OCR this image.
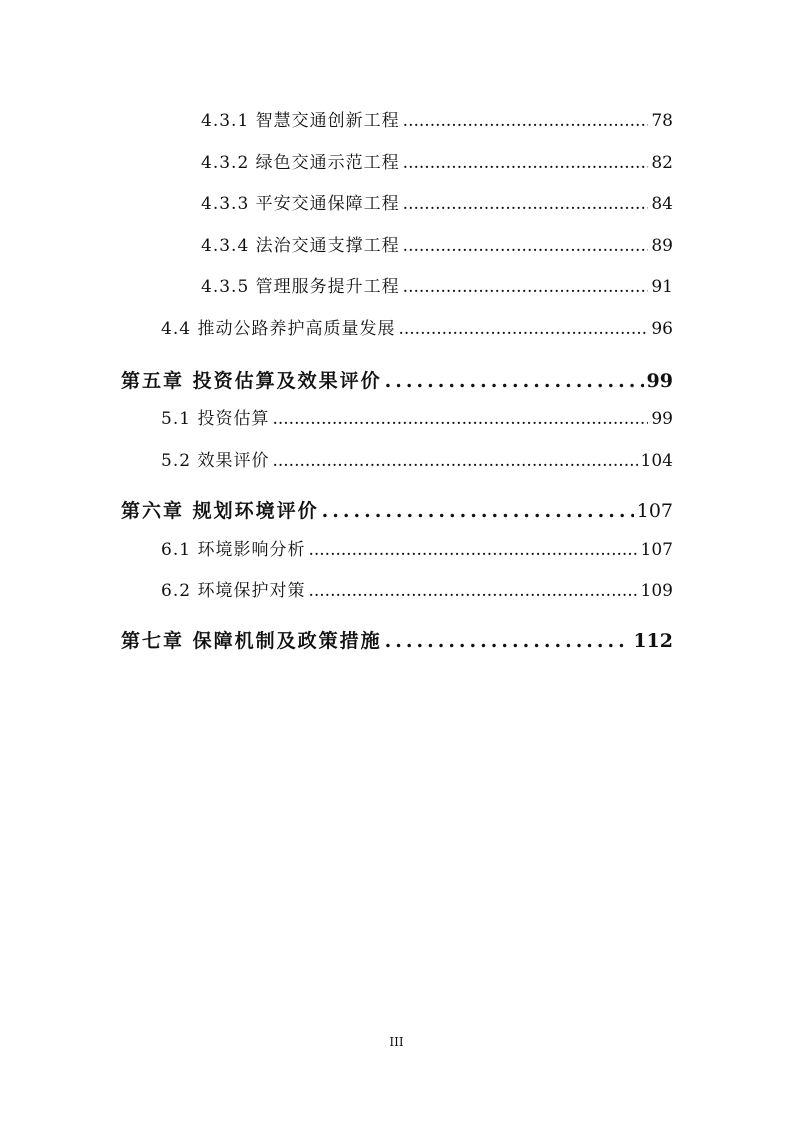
4.3.1 智慧交通创新工程 .....	78
4.3.2 绿色交通示范工程 .....	82
4.3.3 平安交通保障工程 .....	84
4.3.4 法治交通支撑工程 .....	89
4.3.5 管理服务提升工程 .....	91
4.4 推动公路养护高质量发展 .....	96
第五章 投资估算及效果评价 .....	99
5.1 投资估算 .....	99
5.2 效果评价 .....	104
第六章 规划环境评价 .....	107
6.1 环境影响分析 .....	107
6.2 环境保护对策 .....	109
第七章 保障机制及政策措施 .....	112
III
